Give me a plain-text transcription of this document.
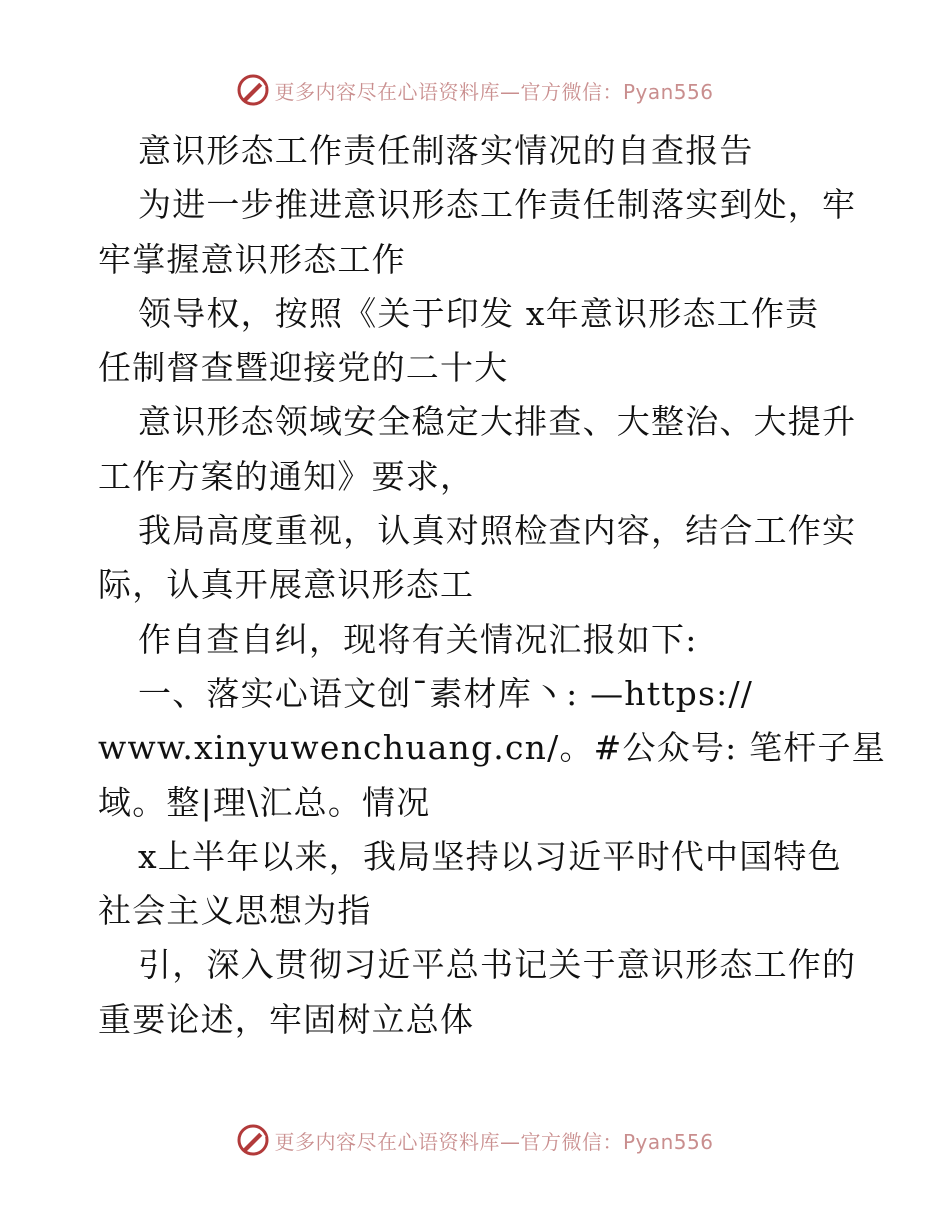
更多内容尽在心语资料库—官方微信：Pyan556
意识形态工作责任制落实情况的自查报告
为进一步推进意识形态工作责任制落实到处，牢
牢掌握意识形态工作
领导权，按照《关于印发 x年意识形态工作责
任制督查暨迎接党的二十大
意识形态领域安全稳定大排查、大整治、大提升
工作方案的通知》要求，
我局高度重视，认真对照检查内容，结合工作实
际，认真开展意识形态工
作自查自纠，现将有关情况汇报如下:
一、落实心语文创¯素材库丶: —https://
www.xinyuwenchuang.cn/。#公众号: 笔杆子星
域。整|理\汇总。情况
x上半年以来，我局坚持以习近平时代中国特色
社会主义思想为指
引，深入贯彻习近平总书记关于意识形态工作的
重要论述，牢固树立总体
更多内容尽在心语资料库—官方微信：Pyan556
